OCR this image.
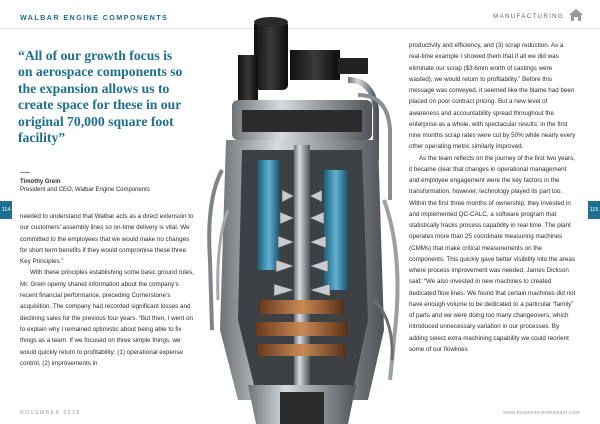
WALBAR ENGINE COMPONENTS	MANUFACTURING
“All of our growth focus is on aerospace components so the expansion allows us to create space for these in our original 70,000 square foot facility”
Timothy Grein
President and CEO, Walbar Engine Components
114	115

needed to understand that Walbar acts as a direct extension to our customers’ assembly lines so on-time delivery is vital. We committed to the employees that we would make no changes for short term benefits if they would compromise these three Key Principles.”

With these principles establishing some basic ground rules, Mr. Grein openly shared information about the company’s recent financial performance, preceding Cornerstone’s acquisition. The company had recorded significant losses and declining sales for the previous four years. “But then, I went on to explain why I remained optimistic about being able to fix things as a team. If we focused on three simple things, we would quickly return to profitability: (1) operational expense control, (2) improvements in

productivity and efficiency, and (3) scrap reduction. As a real-time example I showed them that if all we did was eliminate our scrap ($3.6mm worth of castings were wasted), we would return to profitability.” Before this message was conveyed, it seemed like the blame had been placed on poor contract pricing. But a new level of awareness and accountability spread throughout the enterprise as a whole, with spectacular results: in the first nine months scrap rates were cut by 50% while nearly every other operating metric similarly improved.

As the team reflects on the journey of the first two years, it became clear that changes in operational management and employee engagement were the key factors in the transformation, however, technology played its part too. Within the first three months of ownership, they invested in and implemented QC-CALC, a software program that statistically tracks process capability in real time. The plant operates more than 25 coordinate measuring machines (CMMs) that make critical measurements on the components. This quickly gave better visibility into the areas where process improvement was needed. James Dickson said: “We also invested in new machines to created dedicated flow lines. We found that certain machines did not have enough volume to be dedicated to a particular “family” of parts and we were doing too many changeovers, which introduced unnecessary variation in our processes. By adding select extra machining capability we could reorient some of our flowlines

NOVEMBER 2018	www.businessreviewaust.com
